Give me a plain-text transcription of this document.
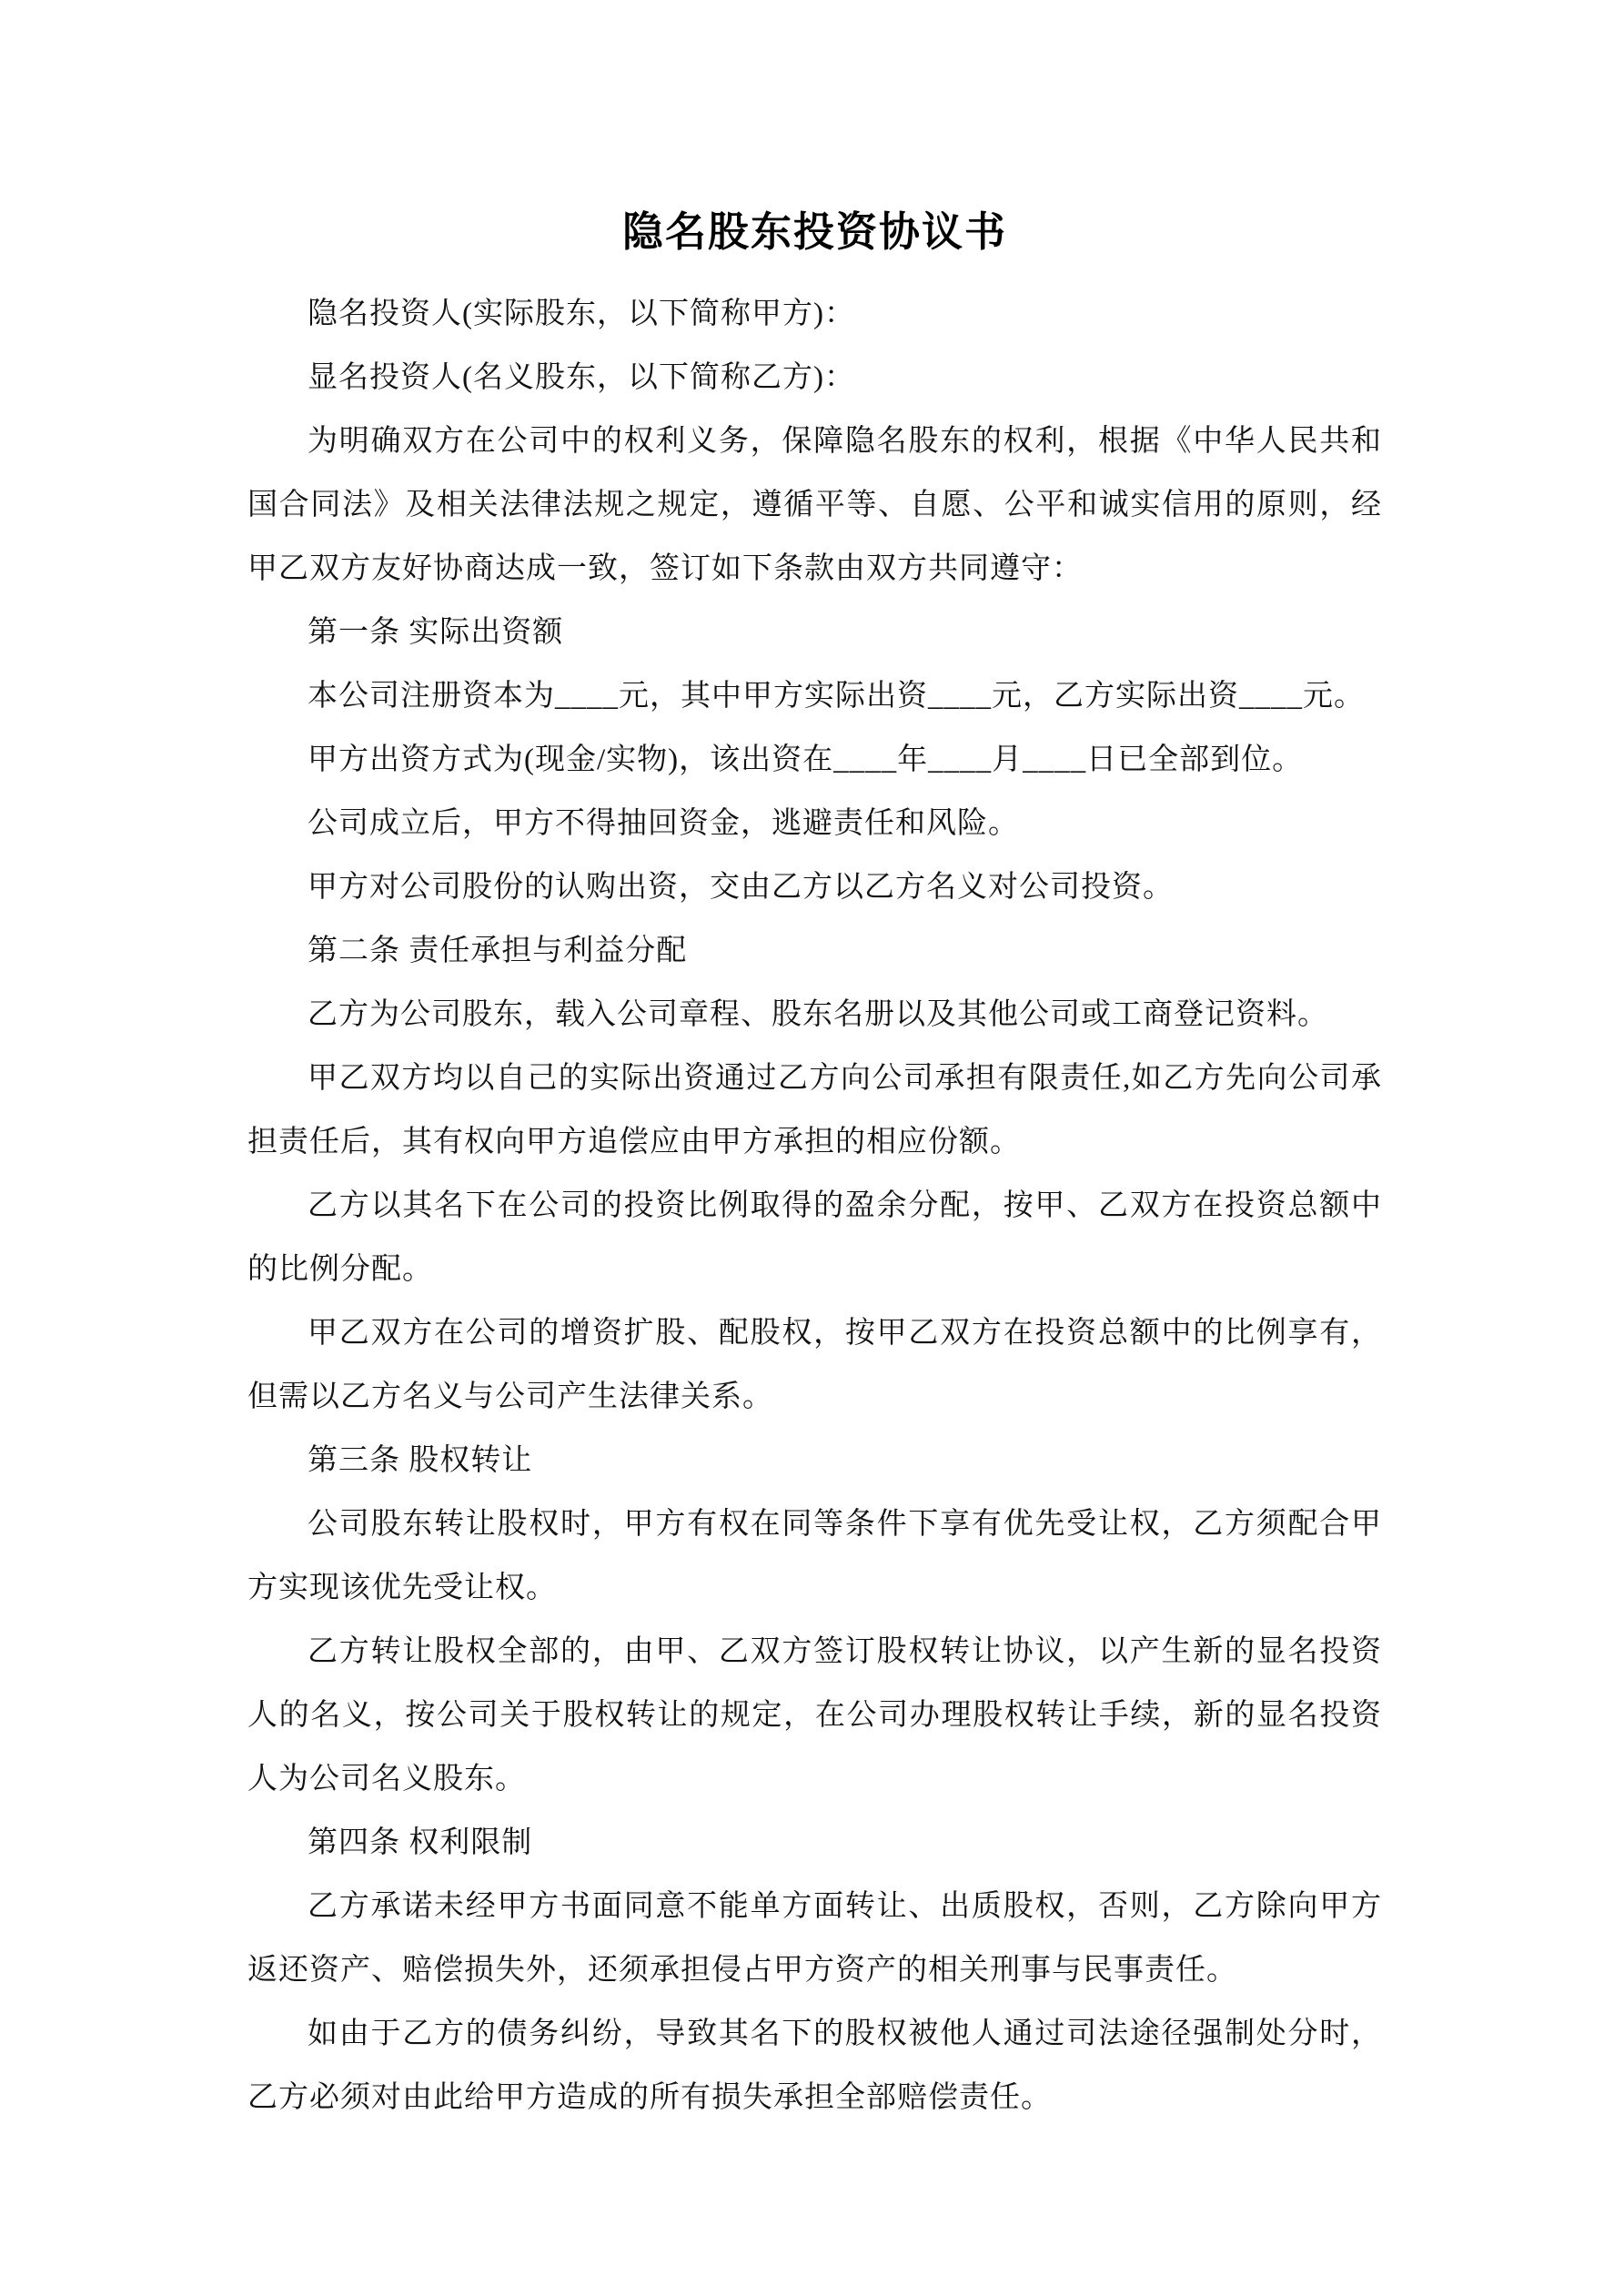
隐名股东投资协议书

隐名投资人(实际股东，以下简称甲方)：

显名投资人(名义股东，以下简称乙方)：

为明确双方在公司中的权利义务，保障隐名股东的权利，根据《中华人民共和国合同法》及相关法律法规之规定，遵循平等、自愿、公平和诚实信用的原则，经甲乙双方友好协商达成一致，签订如下条款由双方共同遵守：

第一条 实际出资额

本公司注册资本为____元，其中甲方实际出资____元，乙方实际出资____元。

甲方出资方式为(现金/实物)，该出资在____年____月____日已全部到位。

公司成立后，甲方不得抽回资金，逃避责任和风险。

甲方对公司股份的认购出资，交由乙方以乙方名义对公司投资。

第二条 责任承担与利益分配

乙方为公司股东，载入公司章程、股东名册以及其他公司或工商登记资料。

甲乙双方均以自己的实际出资通过乙方向公司承担有限责任,如乙方先向公司承担责任后，其有权向甲方追偿应由甲方承担的相应份额。

乙方以其名下在公司的投资比例取得的盈余分配，按甲、乙双方在投资总额中的比例分配。

甲乙双方在公司的增资扩股、配股权，按甲乙双方在投资总额中的比例享有，但需以乙方名义与公司产生法律关系。

第三条 股权转让

公司股东转让股权时，甲方有权在同等条件下享有优先受让权，乙方须配合甲方实现该优先受让权。

乙方转让股权全部的，由甲、乙双方签订股权转让协议，以产生新的显名投资人的名义，按公司关于股权转让的规定，在公司办理股权转让手续，新的显名投资人为公司名义股东。

第四条 权利限制

乙方承诺未经甲方书面同意不能单方面转让、出质股权，否则，乙方除向甲方返还资产、赔偿损失外，还须承担侵占甲方资产的相关刑事与民事责任。

如由于乙方的债务纠纷，导致其名下的股权被他人通过司法途径强制处分时，乙方必须对由此给甲方造成的所有损失承担全部赔偿责任。
